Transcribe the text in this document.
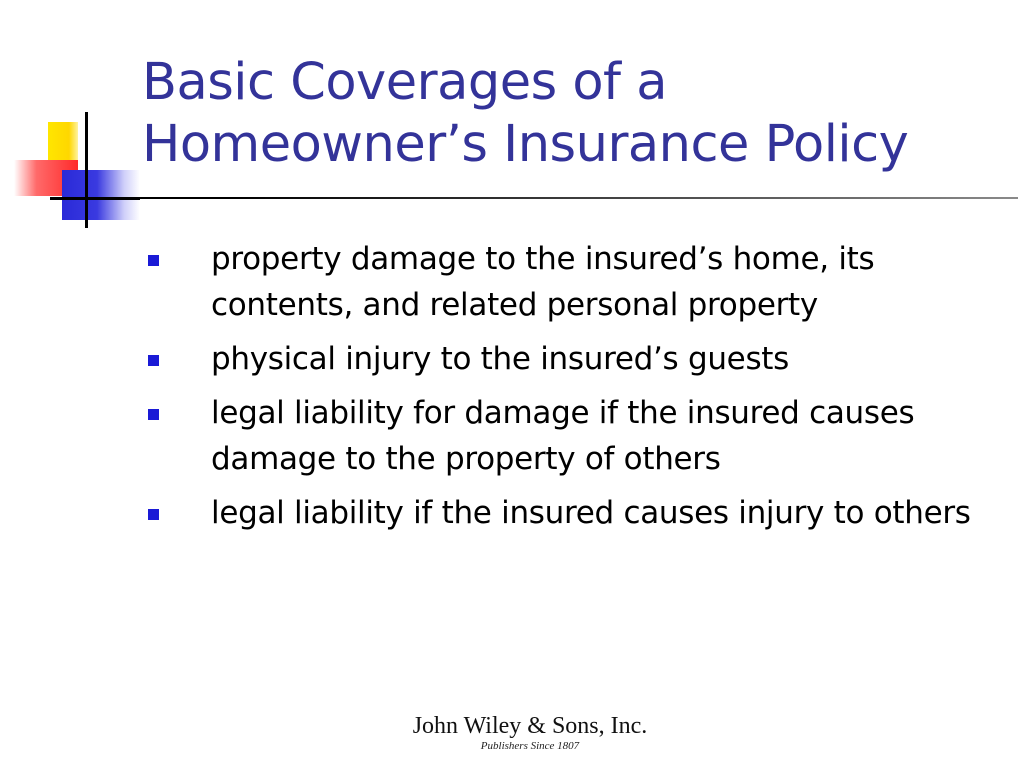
Basic Coverages of a
Homeowner’s Insurance Policy
property damage to the insured’s home, its contents, and related personal property
physical injury to the insured’s guests
legal liability for damage if the insured causes damage to the property of others
legal liability if the insured causes injury to others
John Wiley & Sons, Inc.
Publishers Since 1807
